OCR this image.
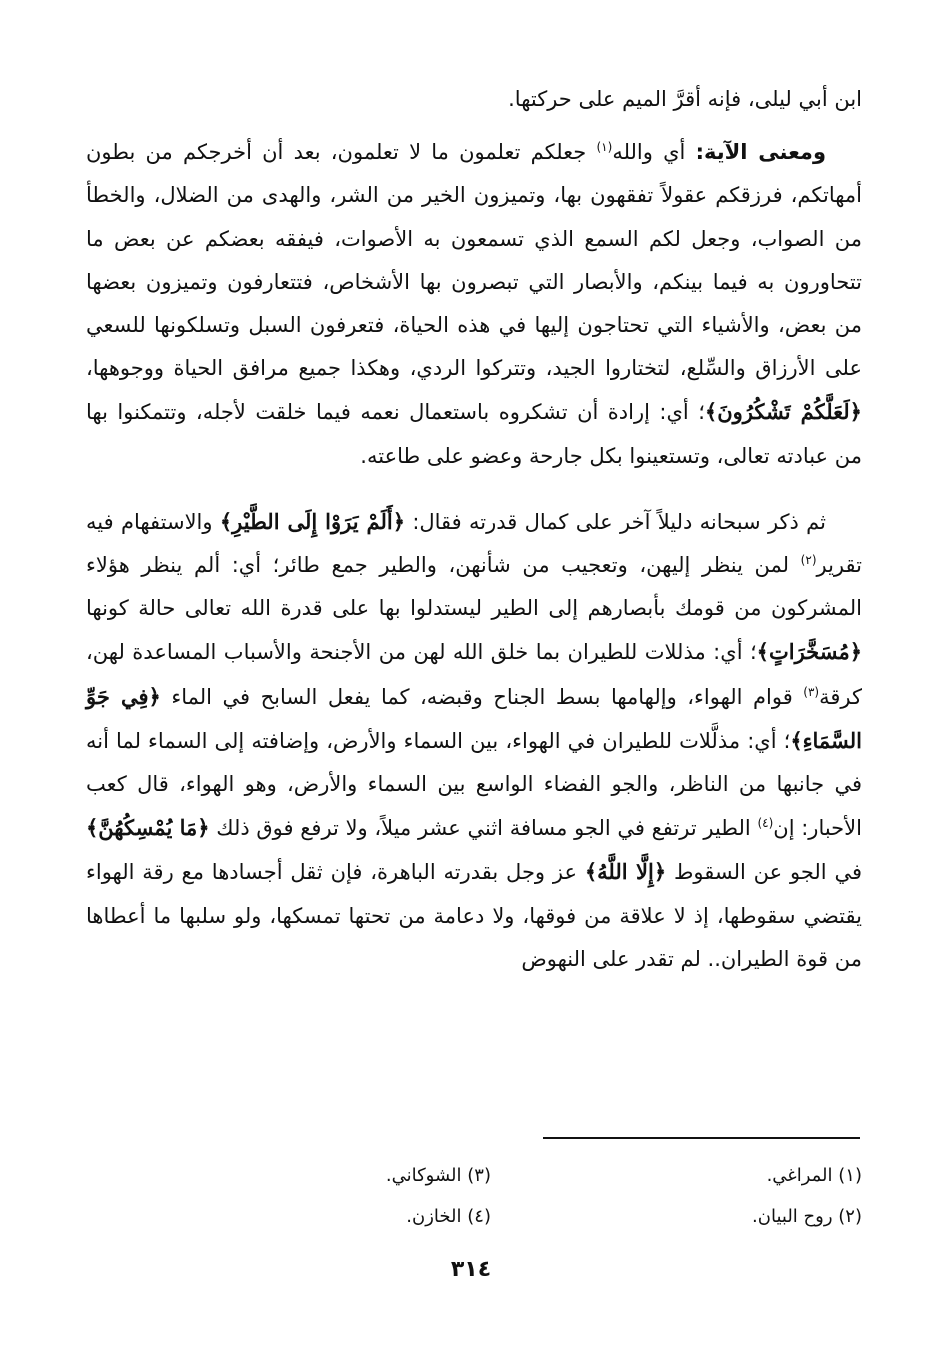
ابن أبي ليلى، فإنه أقرَّ الميم على حركتها.

ومعنى الآية: أي والله$^{(١)}$ جعلكم تعلمون ما لا تعلمون، بعد أن أخرجكم من بطون أمهاتكم، فرزقكم عقولاً تفقهون بها، وتميزون الخير من الشر، والهدى من الضلال، والخطأ من الصواب، وجعل لكم السمع الذي تسمعون به الأصوات، فيفقه بعضكم عن بعض ما تتحاورون به فيما بينكم، والأبصار التي تبصرون بها الأشخاص، فتتعارفون وتميزون بعضها من بعض، والأشياء التي تحتاجون إليها في هذه الحياة، فتعرفون السبل وتسلكونها للسعي على الأرزاق والسِّلع، لتختاروا الجيد، وتتركوا الردي، وهكذا جميع مرافق الحياة ووجوهها، ﴿لَعَلَّكُمْ تَشْكُرُونَ﴾؛ أي: إرادة أن تشكروه باستعمال نعمه فيما خلقت لأجله، وتتمكنوا بها من عبادته تعالى، وتستعينوا بكل جارحة وعضو على طاعته.

ثم ذكر سبحانه دليلاً آخر على كمال قدرته فقال: ﴿أَلَمْ يَرَوْا إِلَى الطَّيْرِ﴾ والاستفهام فيه تقرير$^{(٢)}$ لمن ينظر إليهن، وتعجيب من شأنهن، والطير جمع طائر؛ أي: ألم ينظر هؤلاء المشركون من قومك بأبصارهم إلى الطير ليستدلوا بها على قدرة الله تعالى حالة كونها ﴿مُسَخَّرَاتٍ﴾؛ أي: مذللات للطيران بما خلق الله لهن من الأجنحة والأسباب المساعدة لهن، كرقة$^{(٣)}$ قوام الهواء، وإلهامها بسط الجناح وقبضه، كما يفعل السابح في الماء ﴿فِي جَوِّ السَّمَاءِ﴾؛ أي: مذلَّلات للطيران في الهواء، بين السماء والأرض، وإضافته إلى السماء لما أنه في جانبها من الناظر، والجو الفضاء الواسع بين السماء والأرض، وهو الهواء، قال كعب الأحبار: إن$^{(٤)}$ الطير ترتفع في الجو مسافة اثني عشر ميلاً، ولا ترفع فوق ذلك ﴿مَا يُمْسِكُهُنَّ﴾ في الجو عن السقوط ﴿إِلَّا اللَّهُ﴾ عز وجل بقدرته الباهرة، فإن ثقل أجسادها مع رقة الهواء يقتضي سقوطها، إذ لا علاقة من فوقها، ولا دعامة من تحتها تمسكها، ولو سلبها ما أعطاها من قوة الطيران.. لم تقدر على النهوض

(١) المراغي.
(٣) الشوكاني.
(٢) روح البيان.
(٤) الخازن.
٣١٤
